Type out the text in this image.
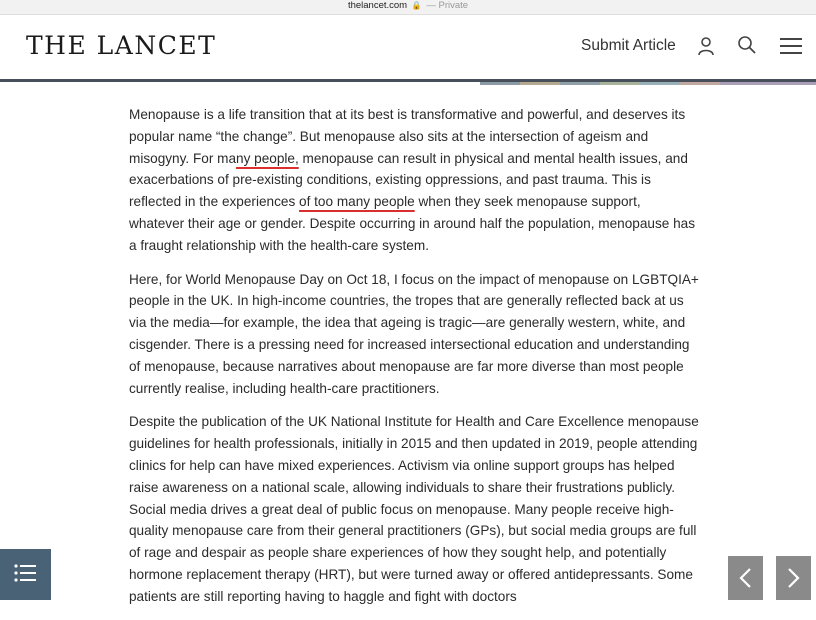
thelancet.com 🔒 — Private
THE LANCET	Submit Article

Menopause is a life transition that at its best is transformative and powerful, and deserves its popular name “the change”. But menopause also sits at the intersection of ageism and misogyny. For many people, menopause can result in physical and mental health issues, and exacerbations of pre-existing conditions, existing oppressions, and past trauma. This is reflected in the experiences of too many people when they seek menopause support, whatever their age or gender. Despite occurring in around half the population, menopause has a fraught relationship with the health-care system.

Here, for World Menopause Day on Oct 18, I focus on the impact of menopause on LGBTQIA+ people in the UK. In high-income countries, the tropes that are generally reflected back at us via the media—for example, the idea that ageing is tragic—are generally western, white, and cisgender. There is a pressing need for increased intersectional education and understanding of menopause, because narratives about menopause are far more diverse than most people currently realise, including health-care practitioners.

Despite the publication of the UK National Institute for Health and Care Excellence menopause guidelines for health professionals, initially in 2015 and then updated in 2019, people attending clinics for help can have mixed experiences. Activism via online support groups has helped raise awareness on a national scale, allowing individuals to share their frustrations publicly. Social media drives a great deal of public focus on menopause. Many people receive high-quality menopause care from their general practitioners (GPs), but social media groups are full of rage and despair as people share experiences of how they sought help, and potentially hormone replacement therapy (HRT), but were turned away or offered antidepressants. Some patients are still reporting having to haggle and fight with doctors
